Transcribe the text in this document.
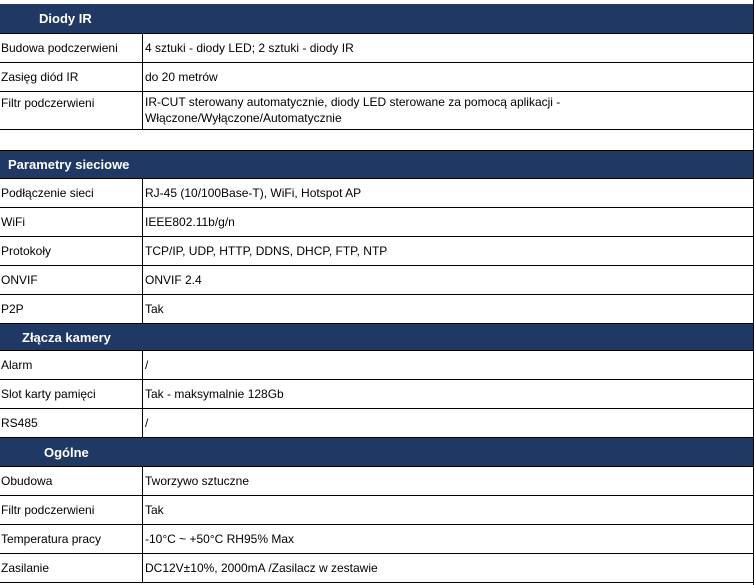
Diody IR
Budowa podczerwieni	4 sztuki - diody LED; 2 sztuki - diody IR
Zasięg diód IR	do 20 metrów
Filtr podczerwieni	IR-CUT sterowany automatycznie, diody LED sterowane za pomocą aplikacji - Włączone/Wyłączone/Automatycznie
Parametry sieciowe
Podłączenie sieci	RJ-45 (10/100Base-T), WiFi, Hotspot AP
WiFi	IEEE802.11b/g/n
Protokoły	TCP/IP, UDP, HTTP, DDNS, DHCP, FTP, NTP
ONVIF	ONVIF 2.4
P2P	Tak
Złącza kamery
Alarm	/
Slot karty pamięci	Tak - maksymalnie 128Gb
RS485	/
Ogólne
Obudowa	Tworzywo sztuczne
Filtr podczerwieni	Tak
Temperatura pracy	-10°C ~ +50°C RH95% Max
Zasilanie	DC12V±10%, 2000mA /Zasilacz w zestawie
